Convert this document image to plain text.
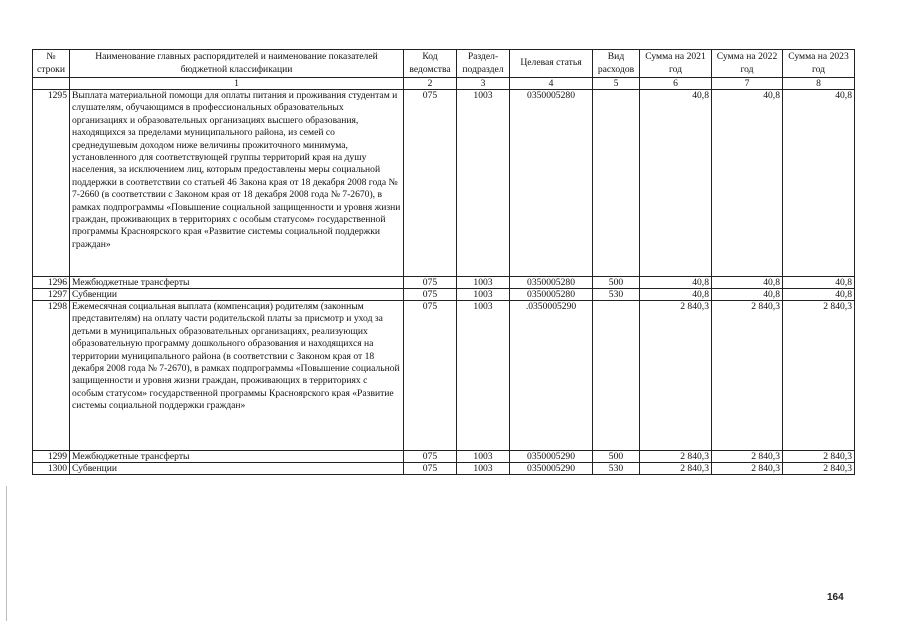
№ строки	Наименование главных распорядителей и наименование показателей бюджетной классификации	Код ведомства	Раздел-подраздел	Целевая статья	Вид расходов	Сумма на 2021 год	Сумма на 2022 год	Сумма на 2023 год
	1	2	3	4	5	6	7	8
1295	Выплата материальной помощи для оплаты питания и проживания студентам и слушателям, обучающимся в профессиональных образовательных организациях и образовательных организациях высшего образования, находящихся за пределами муниципального района, из семей со среднедушевым доходом ниже величины прожиточного минимума, установленного для соответствующей группы территорий края на душу населения, за исключением лиц, которым предоставлены меры социальной поддержки в соответствии со статьей 46 Закона края от 18 декабря 2008 года № 7-2660 (в соответствии с Законом края от 18 декабря 2008 года № 7-2670), в рамках подпрограммы «Повышение социальной защищенности и уровня жизни граждан, проживающих в территориях с особым статусом» государственной программы Красноярского края «Развитие системы социальной поддержки граждан»	075	1003	0350005280		40,8	40,8	40,8
1296	Межбюджетные трансферты	075	1003	0350005280	500	40,8	40,8	40,8
1297	Субвенции	075	1003	0350005280	530	40,8	40,8	40,8
1298	Ежемесячная социальная выплата (компенсация) родителям (законным представителям) на оплату части родительской платы за присмотр и уход за детьми в муниципальных образовательных организациях, реализующих образовательную программу дошкольного образования и находящихся на территории муниципального района (в соответствии с Законом края от 18 декабря 2008 года № 7-2670), в рамках подпрограммы «Повышение социальной защищенности и уровня жизни граждан, проживающих в территориях с особым статусом» государственной программы Красноярского края «Развитие системы социальной поддержки граждан»	075	1003	.0350005290		2 840,3	2 840,3	2 840,3
1299	Межбюджетные трансферты	075	1003	0350005290	500	2 840,3	2 840,3	2 840,3
1300	Субвенции	075	1003	0350005290	530	2 840,3	2 840,3	2 840,3
164
